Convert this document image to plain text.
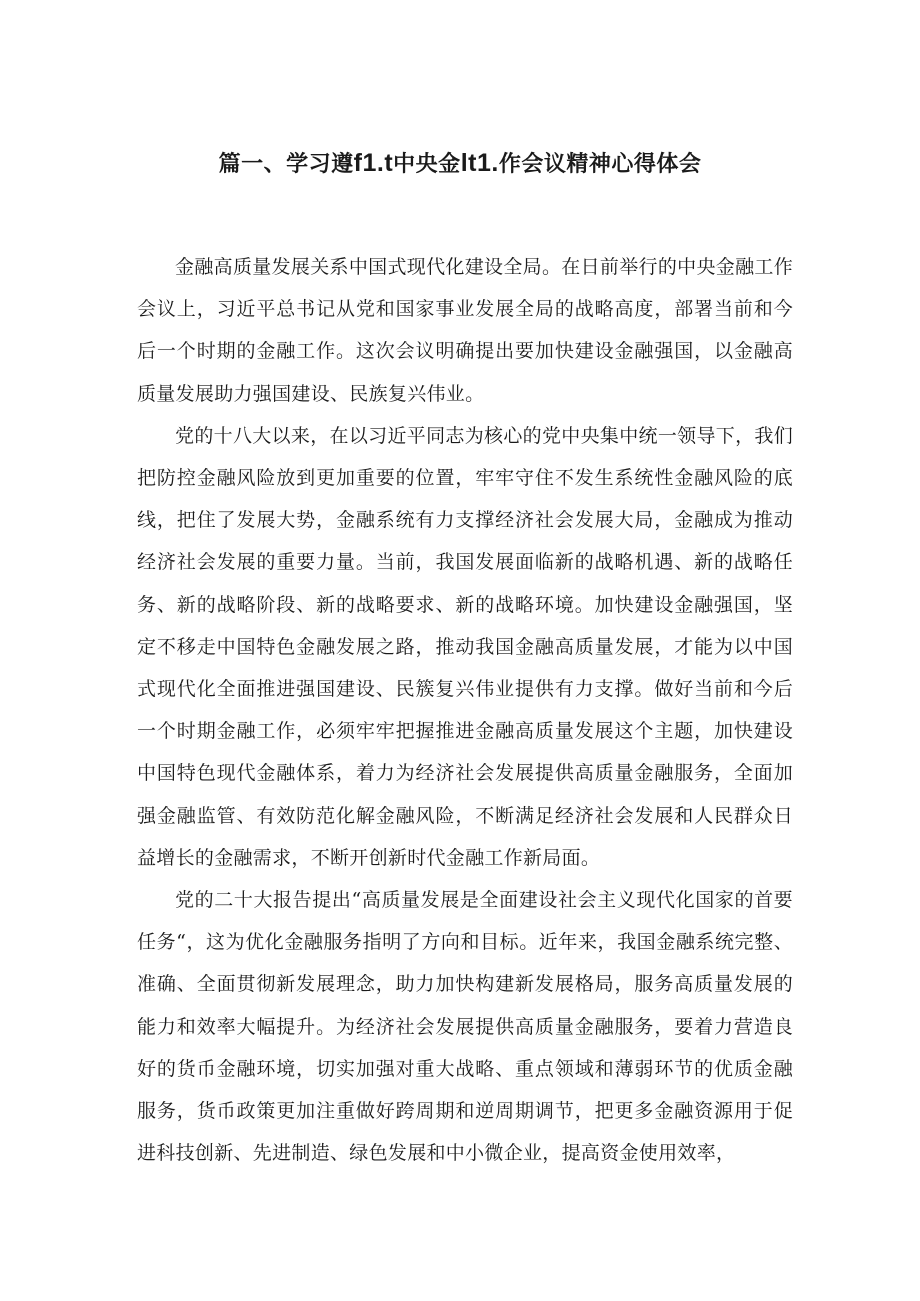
篇一、学习遵f1.t中央金lt1.作会议精神心得体会

金融高质量发展关系中国式现代化建设全局。在日前举行的中央金融工作会议上，习近平总书记从党和国家事业发展全局的战略高度，部署当前和今后一个时期的金融工作。这次会议明确提出要加快建设金融强国，以金融高质量发展助力强国建设、民族复兴伟业。

党的十八大以来，在以习近平同志为核心的党中央集中统一领导下，我们把防控金融风险放到更加重要的位置，牢牢守住不发生系统性金融风险的底线，把住了发展大势，金融系统有力支撑经济社会发展大局，金融成为推动经济社会发展的重要力量。当前，我国发展面临新的战略机遇、新的战略任务、新的战略阶段、新的战略要求、新的战略环境。加快建设金融强国，坚定不移走中国特色金融发展之路，推动我国金融高质量发展，才能为以中国式现代化全面推进强国建设、民簇复兴伟业提供有力支撑。做好当前和今后一个时期金融工作，必须牢牢把握推进金融高质量发展这个主题，加快建设中国特色现代金融体系，着力为经济社会发展提供高质量金融服务，全面加强金融监管、有效防范化解金融风险，不断满足经济社会发展和人民群众日益增长的金融需求，不断开创新时代金融工作新局面。

党的二十大报告提出“高质量发展是全面建设社会主义现代化国家的首要任务“，这为优化金融服务指明了方向和目标。近年来，我国金融系统完整、准确、全面贯彻新发展理念，助力加快构建新发展格局，服务高质量发展的能力和效率大幅提升。为经济社会发展提供高质量金融服务，要着力营造良好的货币金融环境，切实加强对重大战略、重点领域和薄弱环节的优质金融服务，货币政策更加注重做好跨周期和逆周期调节，把更多金融资源用于促进科技创新、先进制造、绿色发展和中小微企业，提高资金使用效率，
